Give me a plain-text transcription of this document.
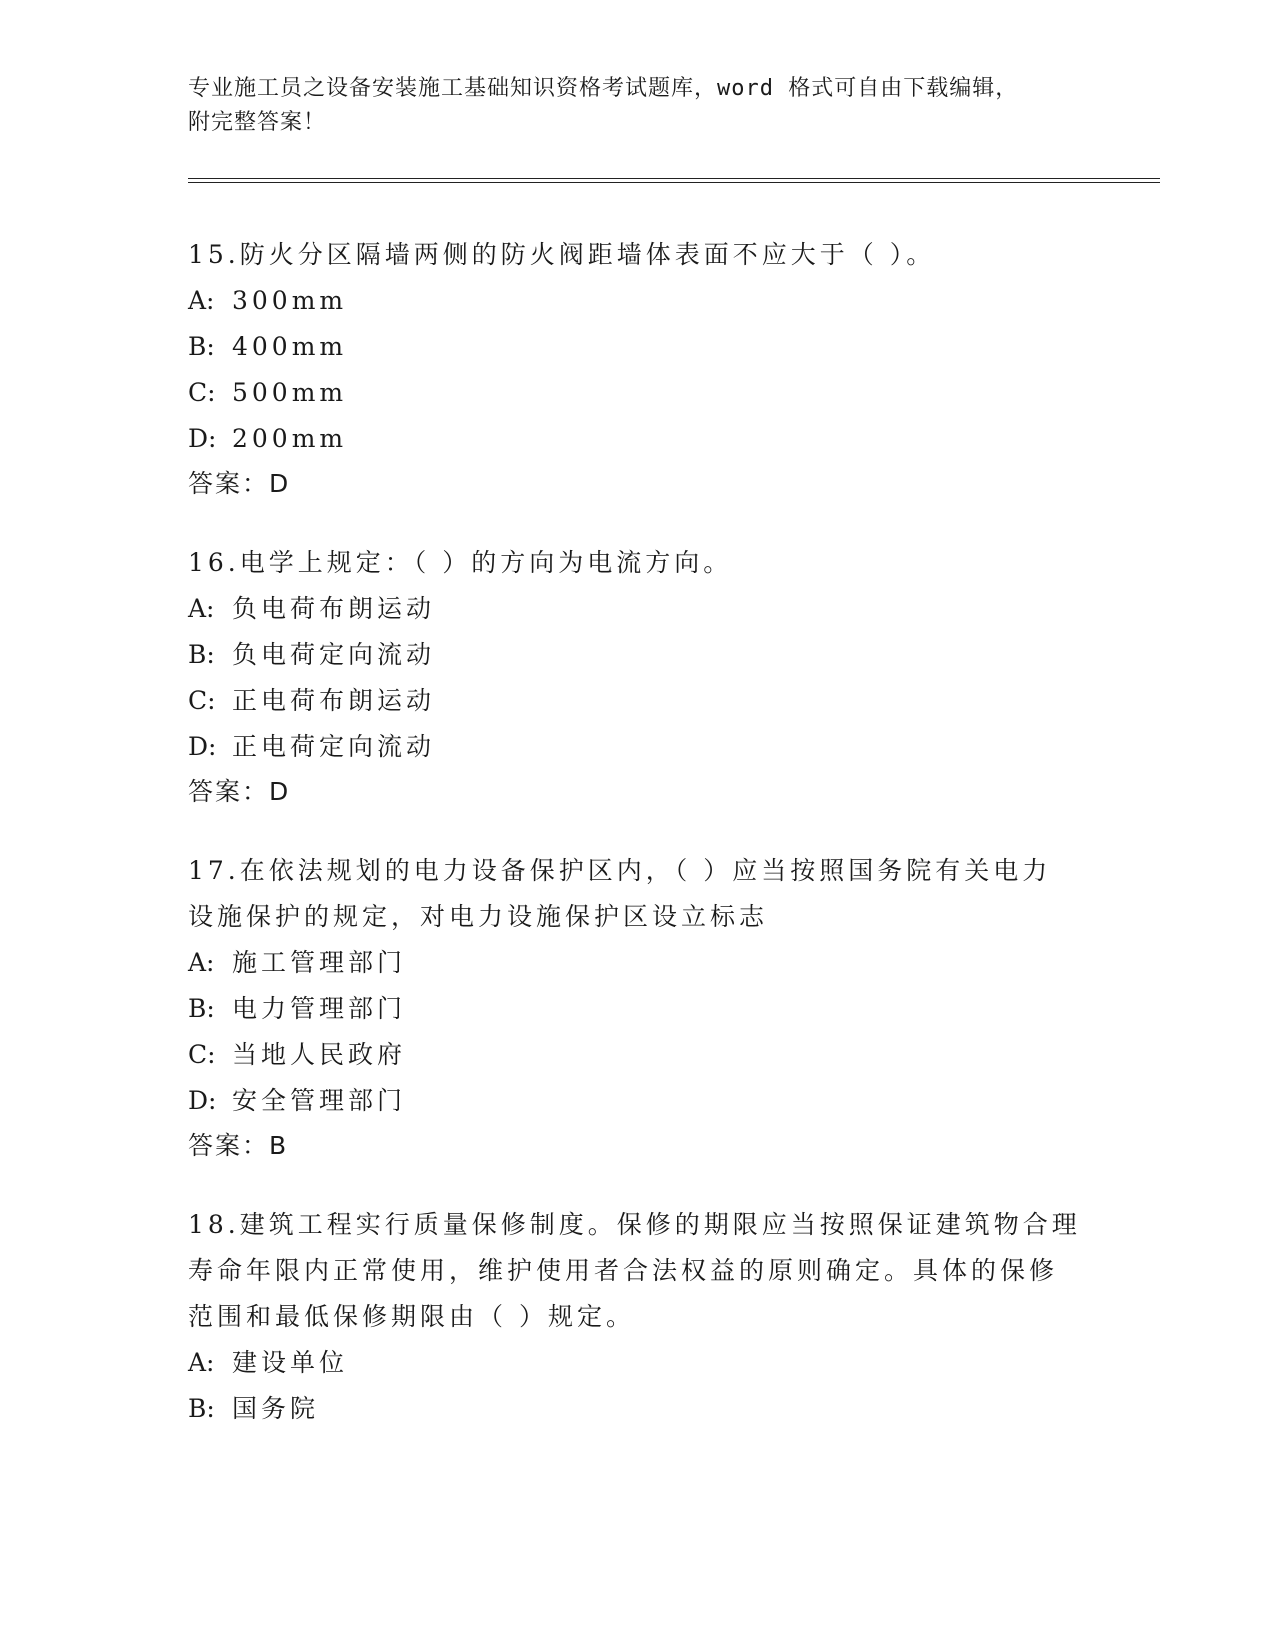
专业施工员之设备安装施工基础知识资格考试题库，word 格式可自由下载编辑，
附完整答案！
15.防火分区隔墙两侧的防火阀距墙体表面不应大于（ ）。
A: 300mm
B: 400mm
C: 500mm
D: 200mm
答案：D
16.电学上规定：（ ）的方向为电流方向。
A: 负电荷布朗运动
B: 负电荷定向流动
C: 正电荷布朗运动
D: 正电荷定向流动
答案：D
17.在依法规划的电力设备保护区内，（ ）应当按照国务院有关电力
设施保护的规定，对电力设施保护区设立标志
A: 施工管理部门
B: 电力管理部门
C: 当地人民政府
D: 安全管理部门
答案：B
18.建筑工程实行质量保修制度。保修的期限应当按照保证建筑物合理
寿命年限内正常使用，维护使用者合法权益的原则确定。具体的保修
范围和最低保修期限由（ ）规定。
A: 建设单位
B: 国务院
